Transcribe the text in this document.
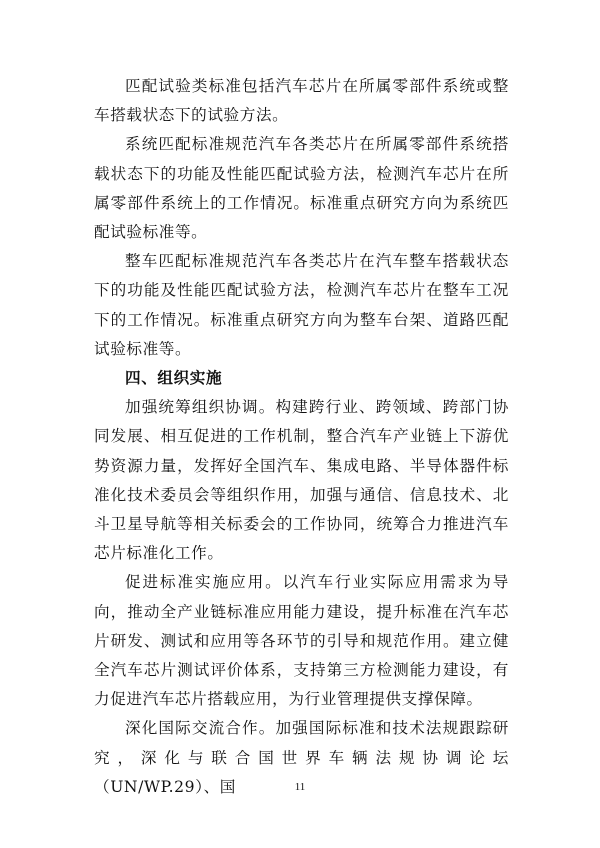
匹配试验类标准包括汽车芯片在所属零部件系统或整车搭载状态下的试验方法。

系统匹配标准规范汽车各类芯片在所属零部件系统搭载状态下的功能及性能匹配试验方法，检测汽车芯片在所属零部件系统上的工作情况。标准重点研究方向为系统匹配试验标准等。

整车匹配标准规范汽车各类芯片在汽车整车搭载状态下的功能及性能匹配试验方法，检测汽车芯片在整车工况下的工作情况。标准重点研究方向为整车台架、道路匹配试验标准等。

四、组织实施

加强统筹组织协调。构建跨行业、跨领域、跨部门协同发展、相互促进的工作机制，整合汽车产业链上下游优势资源力量，发挥好全国汽车、集成电路、半导体器件标准化技术委员会等组织作用，加强与通信、信息技术、北斗卫星导航等相关标委会的工作协同，统筹合力推进汽车芯片标准化工作。

促进标准实施应用。以汽车行业实际应用需求为导向，推动全产业链标准应用能力建设，提升标准在汽车芯片研发、测试和应用等各环节的引导和规范作用。建立健全汽车芯片测试评价体系，支持第三方检测能力建设，有力促进汽车芯片搭载应用，为行业管理提供支撑保障。

深化国际交流合作。加强国际标准和技术法规跟踪研究，深化与联合国世界车辆法规协调论坛（UN/WP.29）、国	11
